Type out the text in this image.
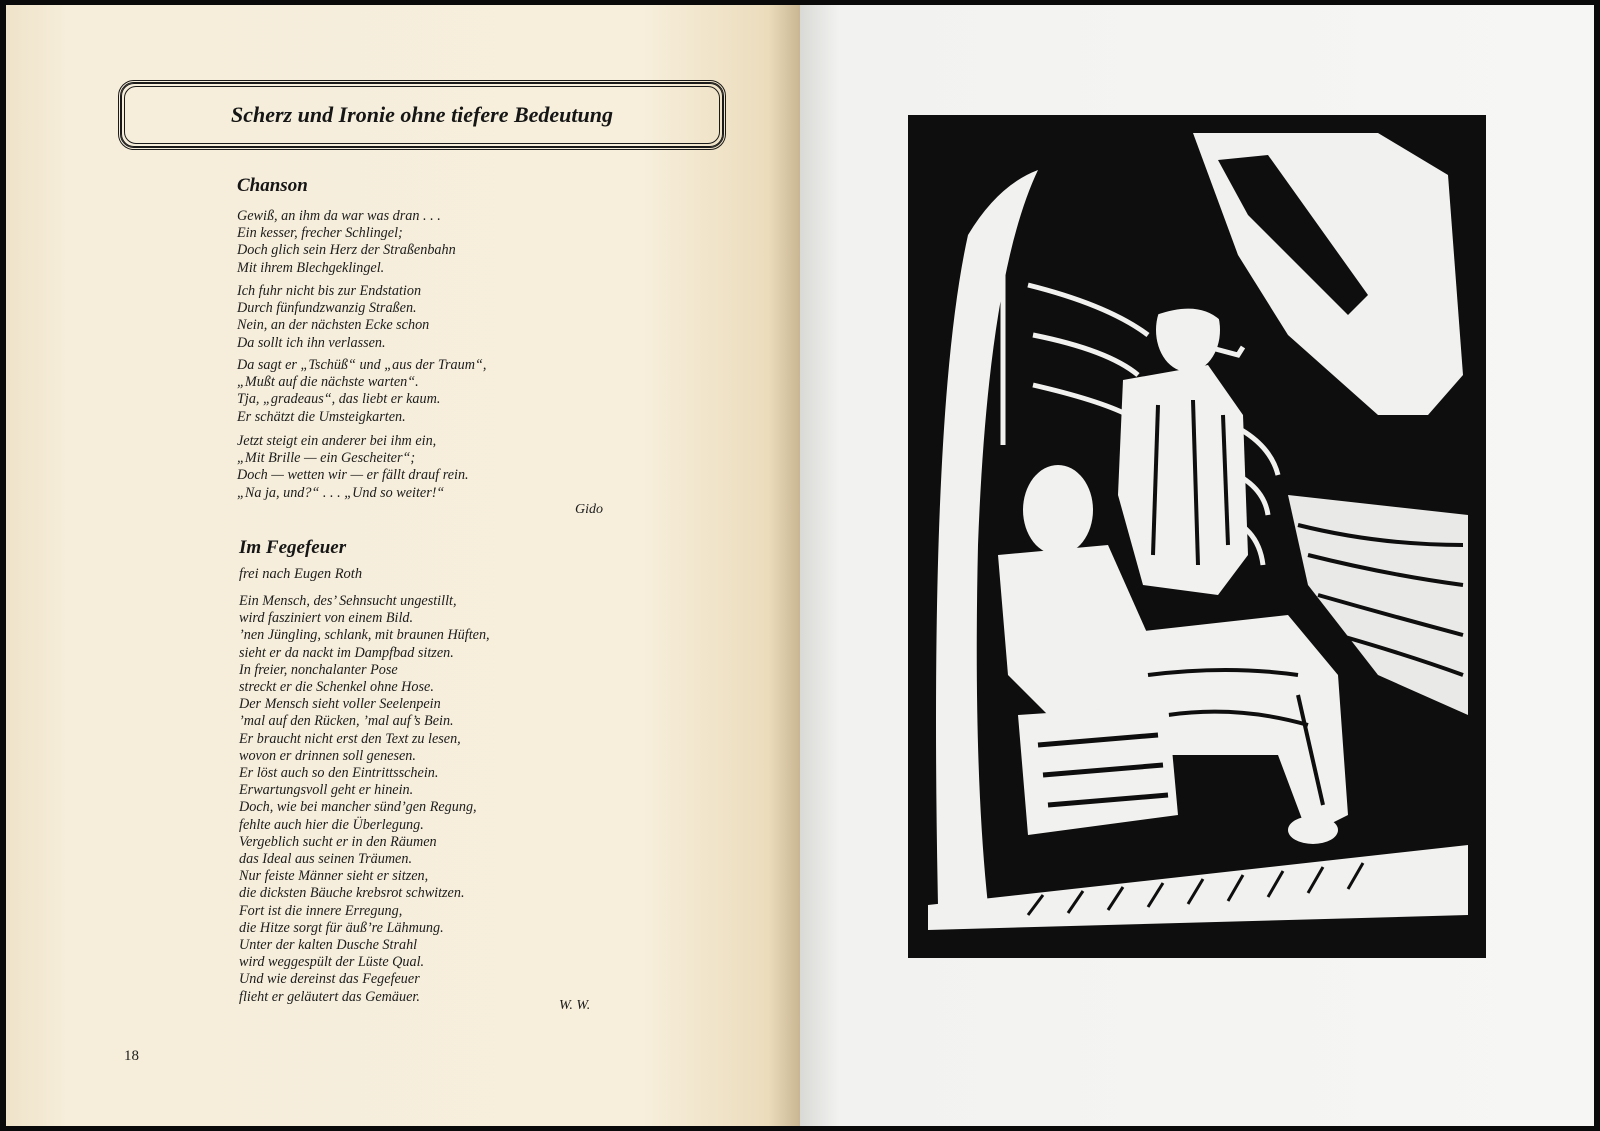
Scherz und Ironie ohne tiefere Bedeutung
Chanson
Gewiß, an ihm da war was dran . . .
Ein kesser, frecher Schlingel;
Doch glich sein Herz der Straßenbahn
Mit ihrem Blechgeklingel.
Ich fuhr nicht bis zur Endstation
Durch fünfundzwanzig Straßen.
Nein, an der nächsten Ecke schon
Da sollt ich ihn verlassen.
Da sagt er „Tschüß“ und „aus der Traum“,
„Mußt auf die nächste warten“.
Tja, „gradeaus“, das liebt er kaum.
Er schätzt die Umsteigkarten.
Jetzt steigt ein anderer bei ihm ein,
„Mit Brille — ein Gescheiter“;
Doch — wetten wir — er fällt drauf rein.
„Na ja, und?“ . . . „Und so weiter!“
Gido
Im Fegefeuer
frei nach Eugen Roth
Ein Mensch, des’ Sehnsucht ungestillt,
wird fasziniert von einem Bild.
’nen Jüngling, schlank, mit braunen Hüften,
sieht er da nackt im Dampfbad sitzen.
In freier, nonchalanter Pose
streckt er die Schenkel ohne Hose.
Der Mensch sieht voller Seelenpein
’mal auf den Rücken, ’mal auf’s Bein.
Er braucht nicht erst den Text zu lesen,
wovon er drinnen soll genesen.
Er löst auch so den Eintrittsschein.
Erwartungsvoll geht er hinein.
Doch, wie bei mancher sünd’gen Regung,
fehlte auch hier die Überlegung.
Vergeblich sucht er in den Räumen
das Ideal aus seinen Träumen.
Nur feiste Männer sieht er sitzen,
die dicksten Bäuche krebsrot schwitzen.
Fort ist die innere Erregung,
die Hitze sorgt für äuß’re Lähmung.
Unter der kalten Dusche Strahl
wird weggespült der Lüste Qual.
Und wie dereinst das Fegefeuer
flieht er geläutert das Gemäuer.
W. W.
18
LOEHR
